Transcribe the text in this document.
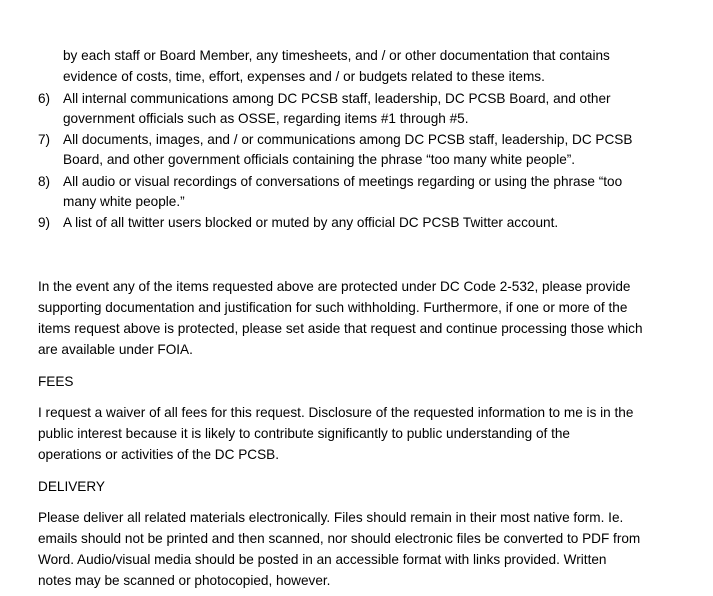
by each staff or Board Member, any timesheets, and / or other documentation that contains
evidence of costs, time, effort, expenses and / or budgets related to these items.
6) All internal communications among DC PCSB staff, leadership, DC PCSB Board, and other
government officials such as OSSE, regarding items #1 through #5.
7) All documents, images, and / or communications among DC PCSB staff, leadership, DC PCSB
Board, and other government officials containing the phrase “too many white people”.
8) All audio or visual recordings of conversations of meetings regarding or using the phrase “too
many white people.”
9) A list of all twitter users blocked or muted by any official DC PCSB Twitter account.
In the event any of the items requested above are protected under DC Code 2-532, please provide
supporting documentation and justification for such withholding. Furthermore, if one or more of the
items request above is protected, please set aside that request and continue processing those which
are available under FOIA.
FEES
I request a waiver of all fees for this request. Disclosure of the requested information to me is in the
public interest because it is likely to contribute significantly to public understanding of the
operations or activities of the DC PCSB.
DELIVERY
Please deliver all related materials electronically. Files should remain in their most native form. Ie.
emails should not be printed and then scanned, nor should electronic files be converted to PDF from
Word. Audio/visual media should be posted in an accessible format with links provided. Written
notes may be scanned or photocopied, however.
